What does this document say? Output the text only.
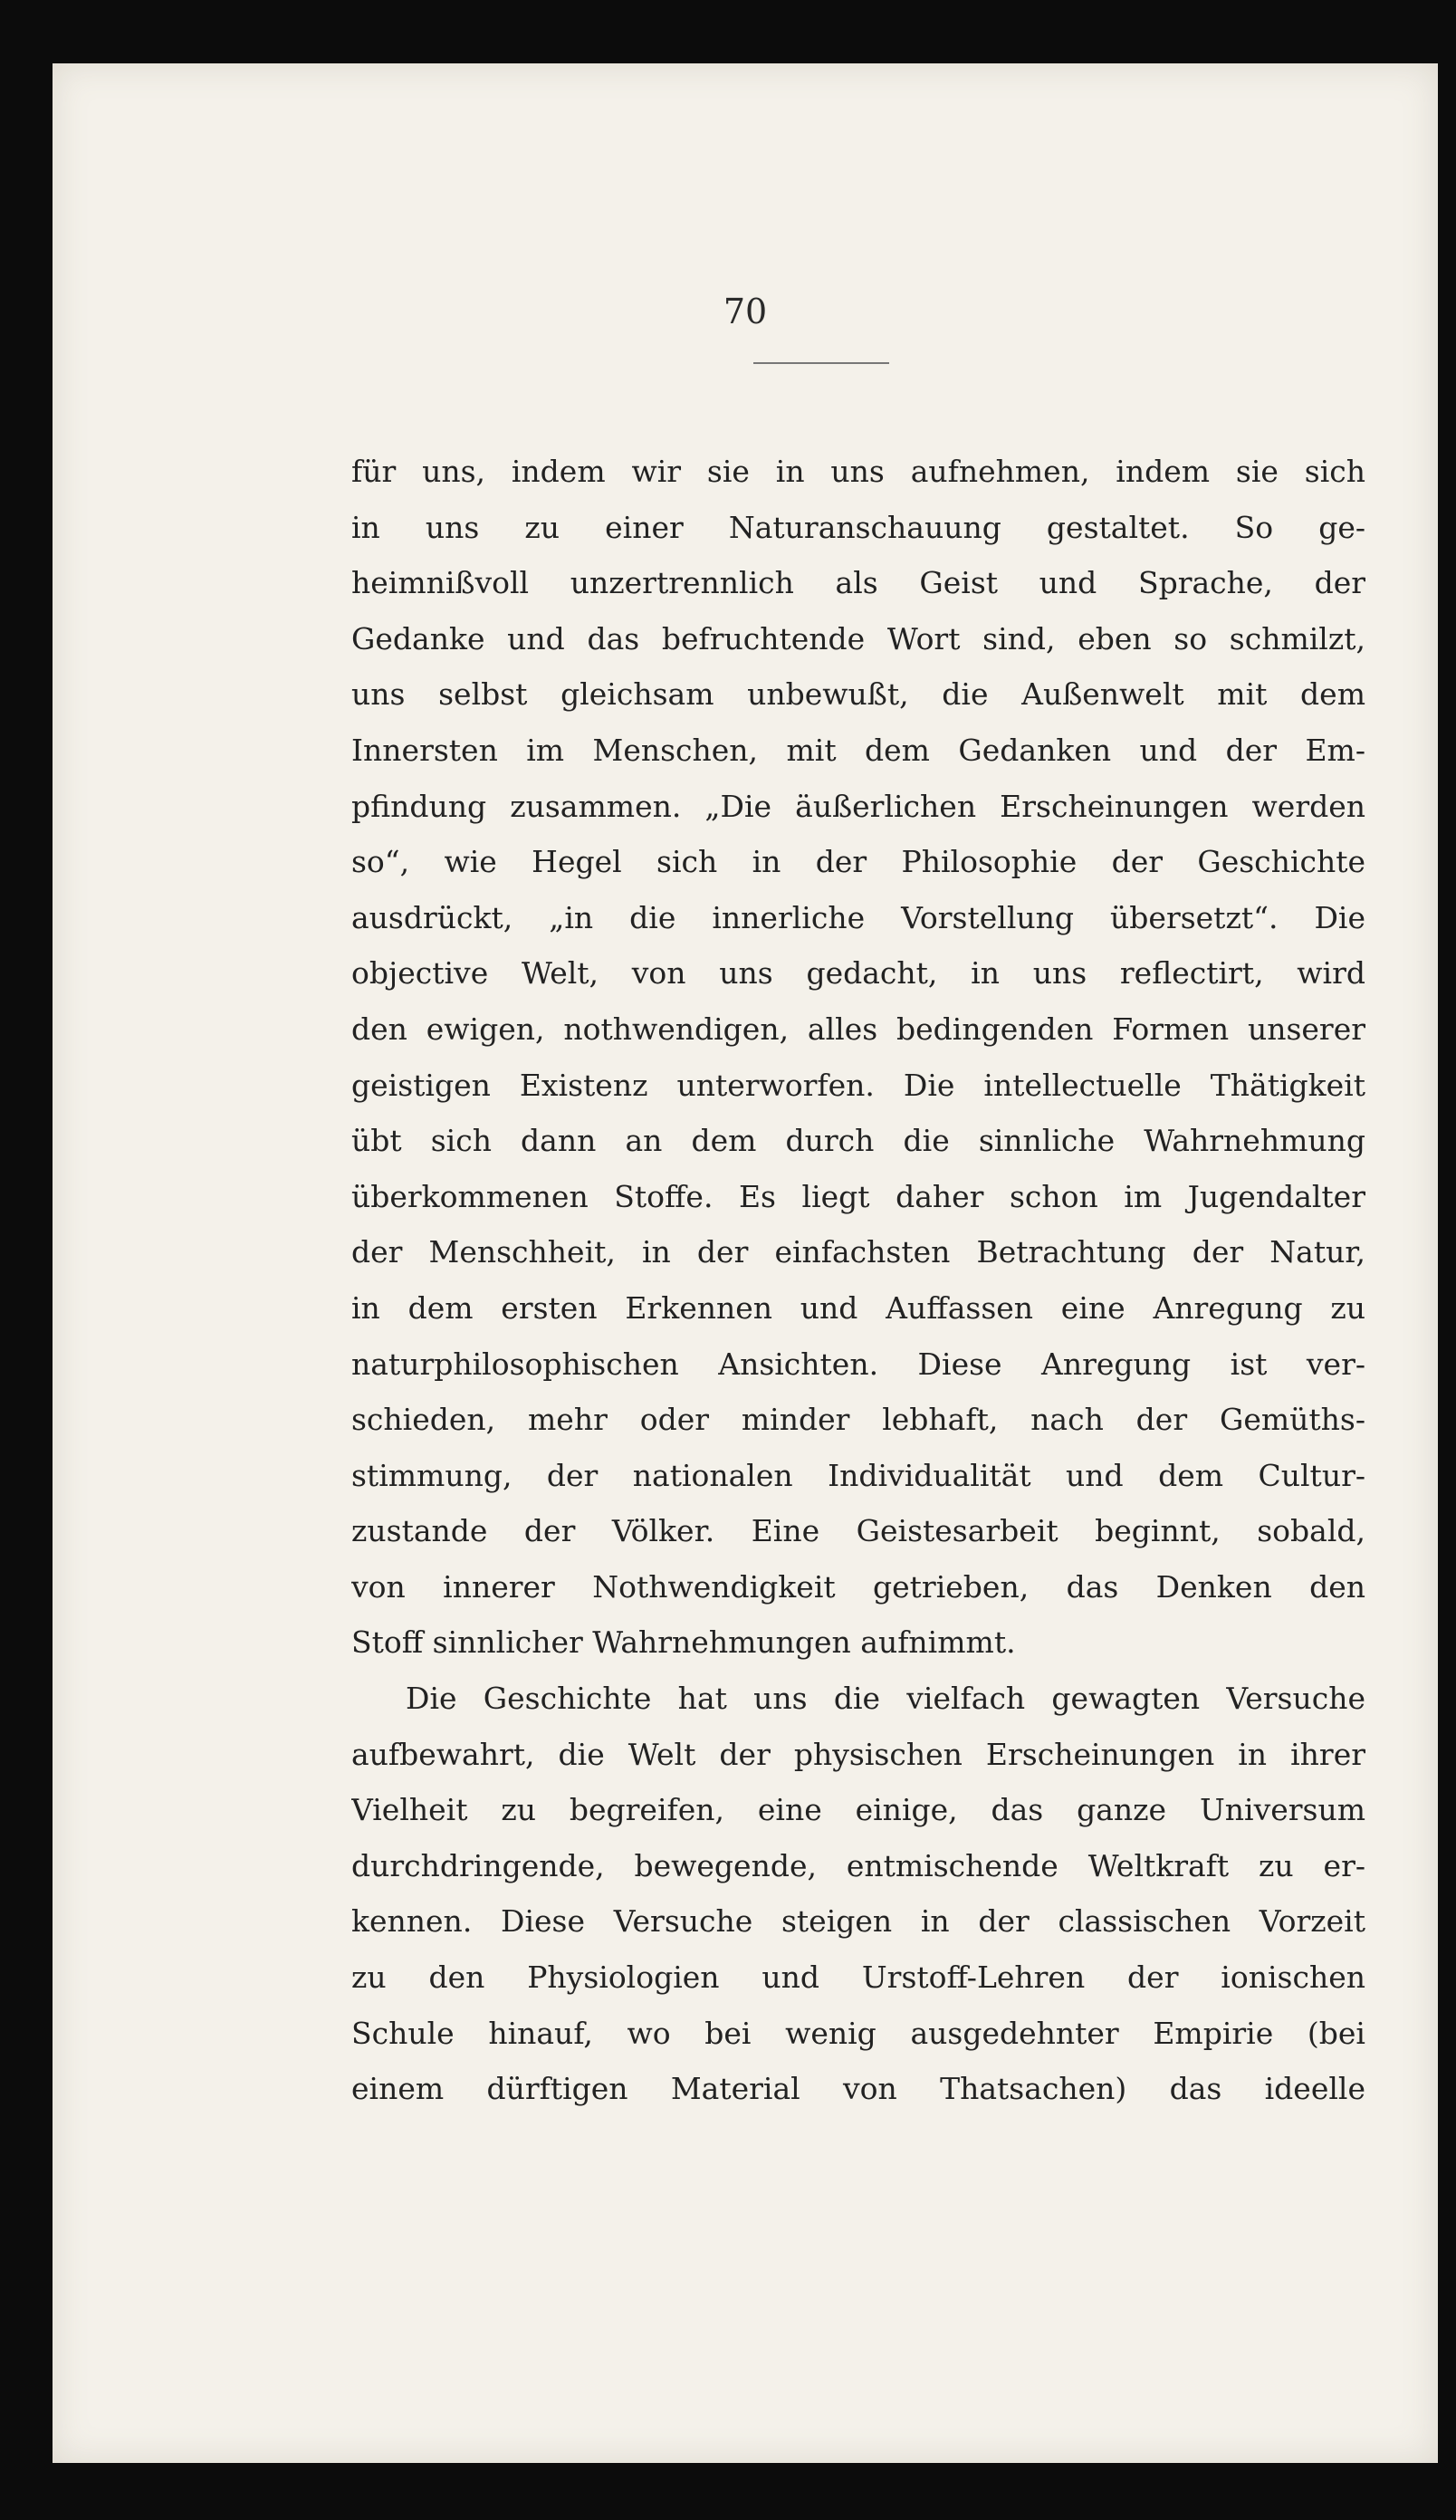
70
für uns, indem wir sie in uns aufnehmen, indem sie sich
in uns zu einer Naturanschauung gestaltet. So ge-
heimnißvoll unzertrennlich als Geist und Sprache, der
Gedanke und das befruchtende Wort sind, eben so schmilzt,
uns selbst gleichsam unbewußt, die Außenwelt mit dem
Innersten im Menschen, mit dem Gedanken und der Em-
pfindung zusammen. „Die äußerlichen Erscheinungen werden
so“, wie Hegel sich in der Philosophie der Geschichte
ausdrückt, „in die innerliche Vorstellung übersetzt“. Die
objective Welt, von uns gedacht, in uns reflectirt, wird
den ewigen, nothwendigen, alles bedingenden Formen unserer
geistigen Existenz unterworfen. Die intellectuelle Thätigkeit
übt sich dann an dem durch die sinnliche Wahrnehmung
überkommenen Stoffe. Es liegt daher schon im Jugendalter
der Menschheit, in der einfachsten Betrachtung der Natur,
in dem ersten Erkennen und Auffassen eine Anregung zu
naturphilosophischen Ansichten. Diese Anregung ist ver-
schieden, mehr oder minder lebhaft, nach der Gemüths-
stimmung, der nationalen Individualität und dem Cultur-
zustande der Völker. Eine Geistesarbeit beginnt, sobald,
von innerer Nothwendigkeit getrieben, das Denken den
Stoff sinnlicher Wahrnehmungen aufnimmt.
Die Geschichte hat uns die vielfach gewagten Versuche
aufbewahrt, die Welt der physischen Erscheinungen in ihrer
Vielheit zu begreifen, eine einige, das ganze Universum
durchdringende, bewegende, entmischende Weltkraft zu er-
kennen. Diese Versuche steigen in der classischen Vorzeit
zu den Physiologien und Urstoff-Lehren der ionischen
Schule hinauf, wo bei wenig ausgedehnter Empirie (bei
einem dürftigen Material von Thatsachen) das ideelle
